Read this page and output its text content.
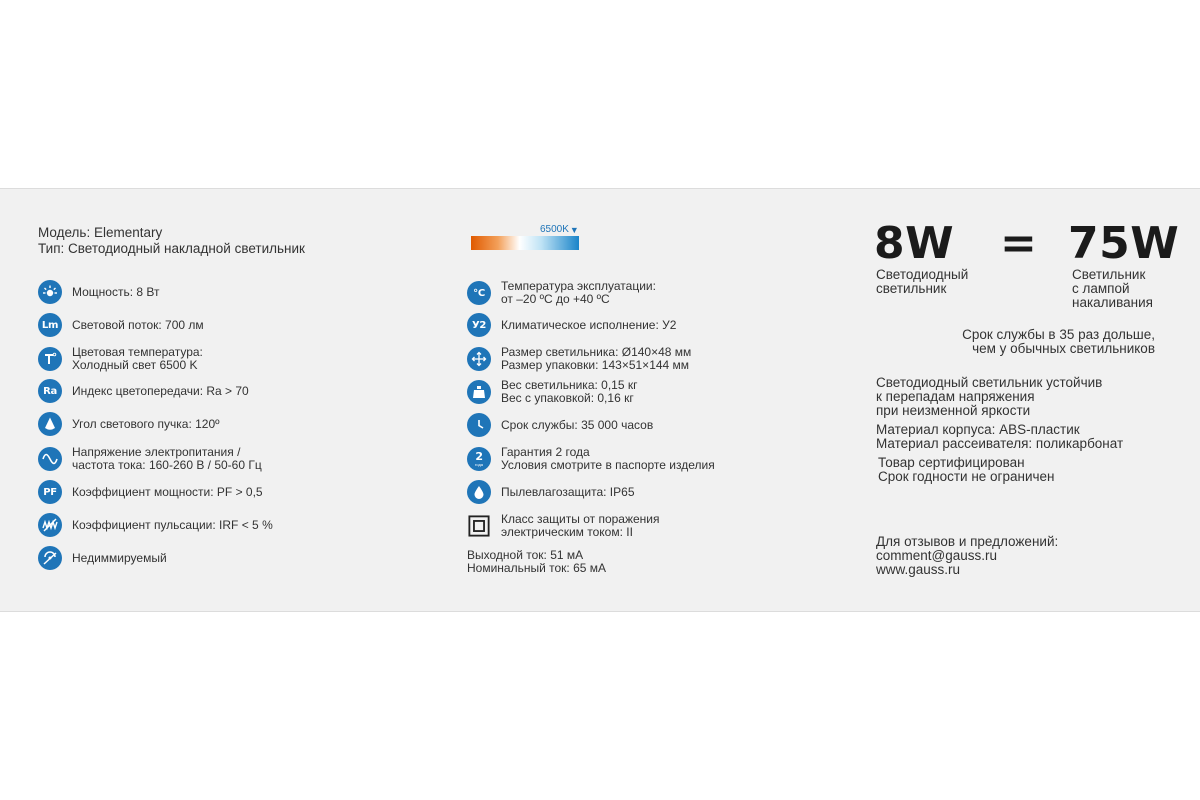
Модель: Elementary
Тип: Светодиодный накладной светильник
6500K ▼
Мощность: 8 Вт
Lm Световой поток: 700 лм
Цветовая температура:
Холодный свет 6500 K
Ra Индекс цветопередачи: Ra > 70
Угол светового пучка: 120º
Напряжение электропитания /
частота тока: 160-260 В / 50-60 Гц
PF Коэффициент мощности: PF > 0,5
Коэффициент пульсации: IRF < 5 %
Недиммируемый
°C Температура эксплуатации:
от –20 ºС до +40 ºС
У2 Климатическое исполнение: У2
Размер светильника: Ø140×48 мм
Размер упаковки: 143×51×144 мм
Вес светильника: 0,15 кг
Вес с упаковкой: 0,16 кг
Срок службы: 35 000 часов
2
года
Гарантия 2 года
Условия смотрите в паспорте изделия
Пылевлагозащита: IP65
Класс защиты от поражения
электрическим током: II
Выходной ток: 51 мА
Номинальный ток: 65 мА
8W = 75W
Светодиодный
светильник
Светильник
с лампой
накаливания
Срок службы в 35 раз дольше,
чем у обычных светильников
Светодиодный светильник устойчив
к перепадам напряжения
при неизменной яркости
Материал корпуса: ABS-пластик
Материал рассеивателя: поликарбонат
Товар сертифицирован
Срок годности не ограничен
Для отзывов и предложений:
comment@gauss.ru
www.gauss.ru
